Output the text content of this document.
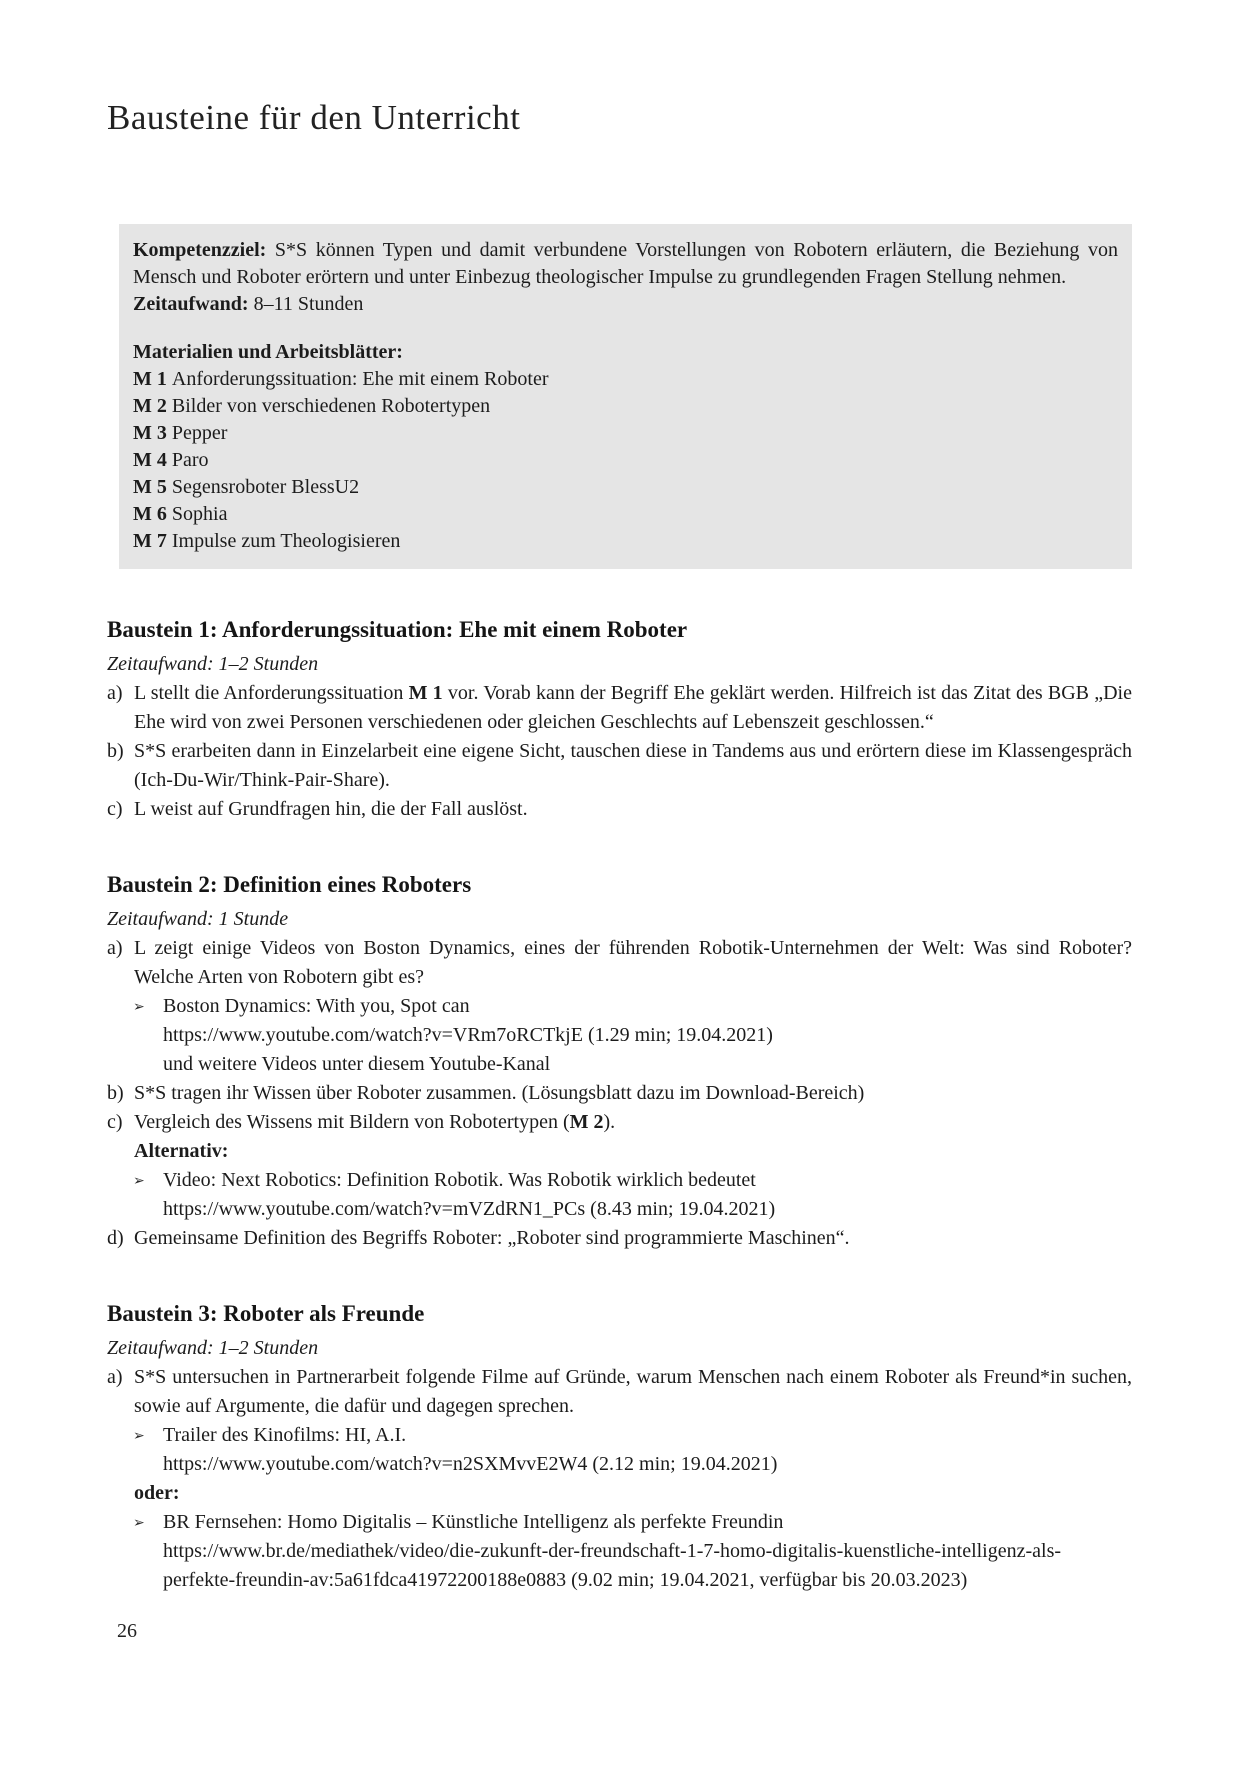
Bausteine für den Unterricht
Kompetenzziel: S*S können Typen und damit verbundene Vorstellungen von Robotern erläutern, die Beziehung von Mensch und Roboter erörtern und unter Einbezug theologischer Impulse zu grundlegenden Fragen Stellung nehmen.
Zeitaufwand: 8–11 Stunden
Materialien und Arbeitsblätter:
M 1 Anforderungssituation: Ehe mit einem Roboter
M 2 Bilder von verschiedenen Robotertypen
M 3 Pepper
M 4 Paro
M 5 Segensroboter BlessU2
M 6 Sophia
M 7 Impulse zum Theologisieren
Baustein 1: Anforderungssituation: Ehe mit einem Roboter
Zeitaufwand: 1–2 Stunden
a) L stellt die Anforderungssituation M 1 vor. Vorab kann der Begriff Ehe geklärt werden. Hilfreich ist das Zitat des BGB „Die Ehe wird von zwei Personen verschiedenen oder gleichen Geschlechts auf Lebenszeit geschlossen.“
b) S*S erarbeiten dann in Einzelarbeit eine eigene Sicht, tauschen diese in Tandems aus und erörtern diese im Klassengespräch (Ich-Du-Wir/Think-Pair-Share).
c) L weist auf Grundfragen hin, die der Fall auslöst.
Baustein 2: Definition eines Roboters
Zeitaufwand: 1 Stunde
a) L zeigt einige Videos von Boston Dynamics, eines der führenden Robotik-Unternehmen der Welt: Was sind Roboter? Welche Arten von Robotern gibt es?
➢ Boston Dynamics: With you, Spot can
https://www.youtube.com/watch?v=VRm7oRCTkjE (1.29 min; 19.04.2021)
und weitere Videos unter diesem Youtube-Kanal
b) S*S tragen ihr Wissen über Roboter zusammen. (Lösungsblatt dazu im Download-Bereich)
c) Vergleich des Wissens mit Bildern von Robotertypen (M 2).
Alternativ:
➢ Video: Next Robotics: Definition Robotik. Was Robotik wirklich bedeutet
https://www.youtube.com/watch?v=mVZdRN1_PCs (8.43 min; 19.04.2021)
d) Gemeinsame Definition des Begriffs Roboter: „Roboter sind programmierte Maschinen“.
Baustein 3: Roboter als Freunde
Zeitaufwand: 1–2 Stunden
a) S*S untersuchen in Partnerarbeit folgende Filme auf Gründe, warum Menschen nach einem Roboter als Freund*in suchen, sowie auf Argumente, die dafür und dagegen sprechen.
➢ Trailer des Kinofilms: HI, A.I.
https://www.youtube.com/watch?v=n2SXMvvE2W4 (2.12 min; 19.04.2021)
oder:
➢ BR Fernsehen: Homo Digitalis – Künstliche Intelligenz als perfekte Freundin
https://www.br.de/mediathek/video/die-zukunft-der-freundschaft-1-7-homo-digitalis-kuenstliche-intelligenz-als-
perfekte-freundin-av:5a61fdca41972200188e0883 (9.02 min; 19.04.2021, verfügbar bis 20.03.2023)
26
